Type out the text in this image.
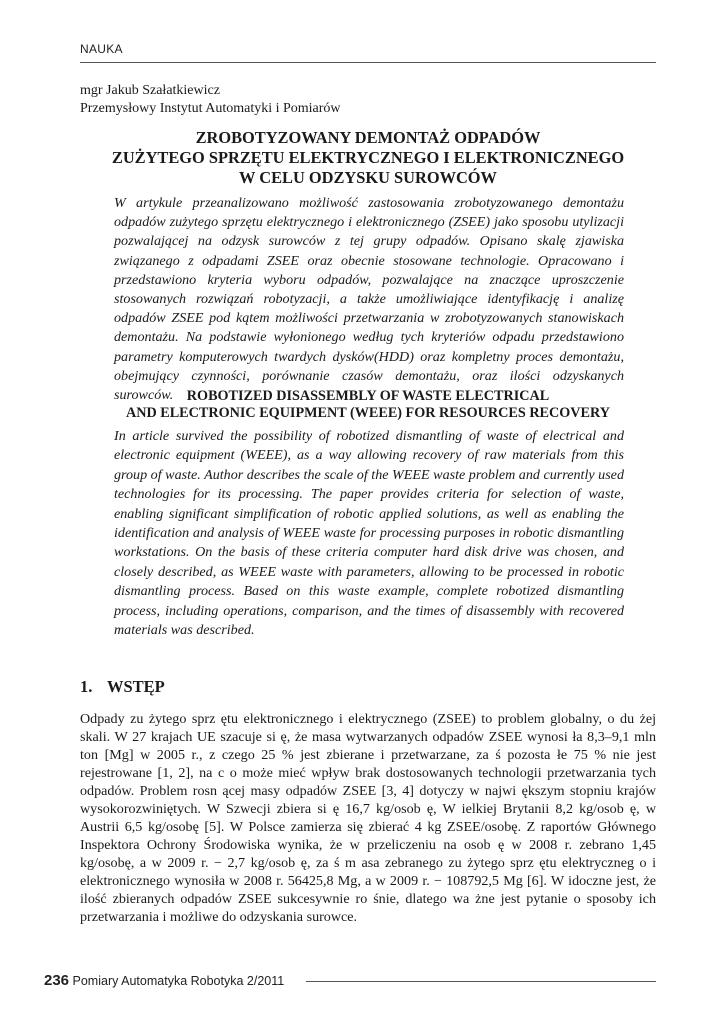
NAUKA
mgr Jakub Szałatkiewicz
Przemysłowy Instytut Automatyki i Pomiarów
ZROBOTYZOWANY DEMONTAŻ ODPADÓW
ZUŻYTEGO SPRZĘTU ELEKTRYCZNEGO I ELEKTRONICZNEGO
W CELU ODZYSKU SUROWCÓW

W artykule przeanalizowano możliwość zastosowania zrobotyzowanego demontażu odpadów zużytego sprzętu elektrycznego i elektronicznego (ZSEE) jako sposobu utylizacji pozwalającej na odzysk surowców z tej grupy odpadów. Opisano skalę zjawiska związanego z odpadami ZSEE oraz obecnie stosowane technologie. Opracowano i przedstawiono kryteria wyboru odpadów, pozwalające na znaczące uproszczenie stosowanych rozwiązań robotyzacji, a także umożliwiające identyfikację i analizę odpadów ZSEE pod kątem możliwości przetwarzania w zrobotyzowanych stanowiskach demontażu. Na podstawie wyłonionego według tych kryteriów odpadu przedstawiono parametry komputerowych twardych dysków(HDD) oraz kompletny proces demontażu, obejmujący czynności, porównanie czasów demontażu, oraz ilości odzyskanych surowców. ROBOTIZED DISASSEMBLY OF WASTE ELECTRICAL
AND ELECTRONIC EQUIPMENT (WEEE) FOR RESOURCES RECOVERY

In article survived the possibility of robotized dismantling of waste of electrical and electronic equipment (WEEE), as a way allowing recovery of raw materials from this group of waste. Author describes the scale of the WEEE waste problem and currently used technologies for its processing. The paper provides criteria for selection of waste, enabling significant simplification of robotic applied solutions, as well as enabling the identification and analysis of WEEE waste for processing purposes in robotic dismantling workstations. On the basis of these criteria computer hard disk drive was chosen, and closely described, as WEEE waste with parameters, allowing to be processed in robotic dismantling process. Based on this waste example, complete robotized dismantling process, including operations, comparison, and the times of disassembly with recovered materials was described.

1. WSTĘP

Odpady zu żytego sprz ętu elektronicznego i elektrycznego (ZSEE) to problem globalny, o du żej skali. W 27 krajach UE szacuje si ę, że masa wytwarzanych odpadów ZSEE wynosi ła 8,3–9,1 mln ton [Mg] w 2005 r., z czego 25 % jest zbierane i przetwarzane, za ś pozosta łe 75 % nie jest rejestrowane [1, 2], na c o może mieć wpływ brak dostosowanych technologii przetwarzania tych odpadów. Problem rosn ącej masy odpadów ZSEE [3, 4] dotyczy w najwi ększym stopniu krajów wysokorozwiniętych. W Szwecji zbiera si ę 16,7 kg/osob ę, W ielkiej Brytanii 8,2 kg/osob ę, w Austrii 6,5 kg/osobę [5]. W Polsce zamierza się zbierać 4 kg ZSEE/osobę. Z raportów Głównego Inspektora Ochrony Środowiska wynika, że w przeliczeniu na osob ę w 2008 r. zebrano 1,45 kg/osobę, a w 2009 r. − 2,7 kg/osob ę, za ś m asa zebranego zu żytego sprz ętu elektryczneg o i elektronicznego wynosiła w 2008 r. 56425,8 Mg, a w 2009 r. − 108792,5 Mg [6]. W idoczne jest, że ilość zbieranych odpadów ZSEE sukcesywnie ro śnie, dlatego wa żne jest pytanie o sposoby ich przetwarzania i możliwe do odzyskania surowce.

236 Pomiary Automatyka Robotyka 2/2011
